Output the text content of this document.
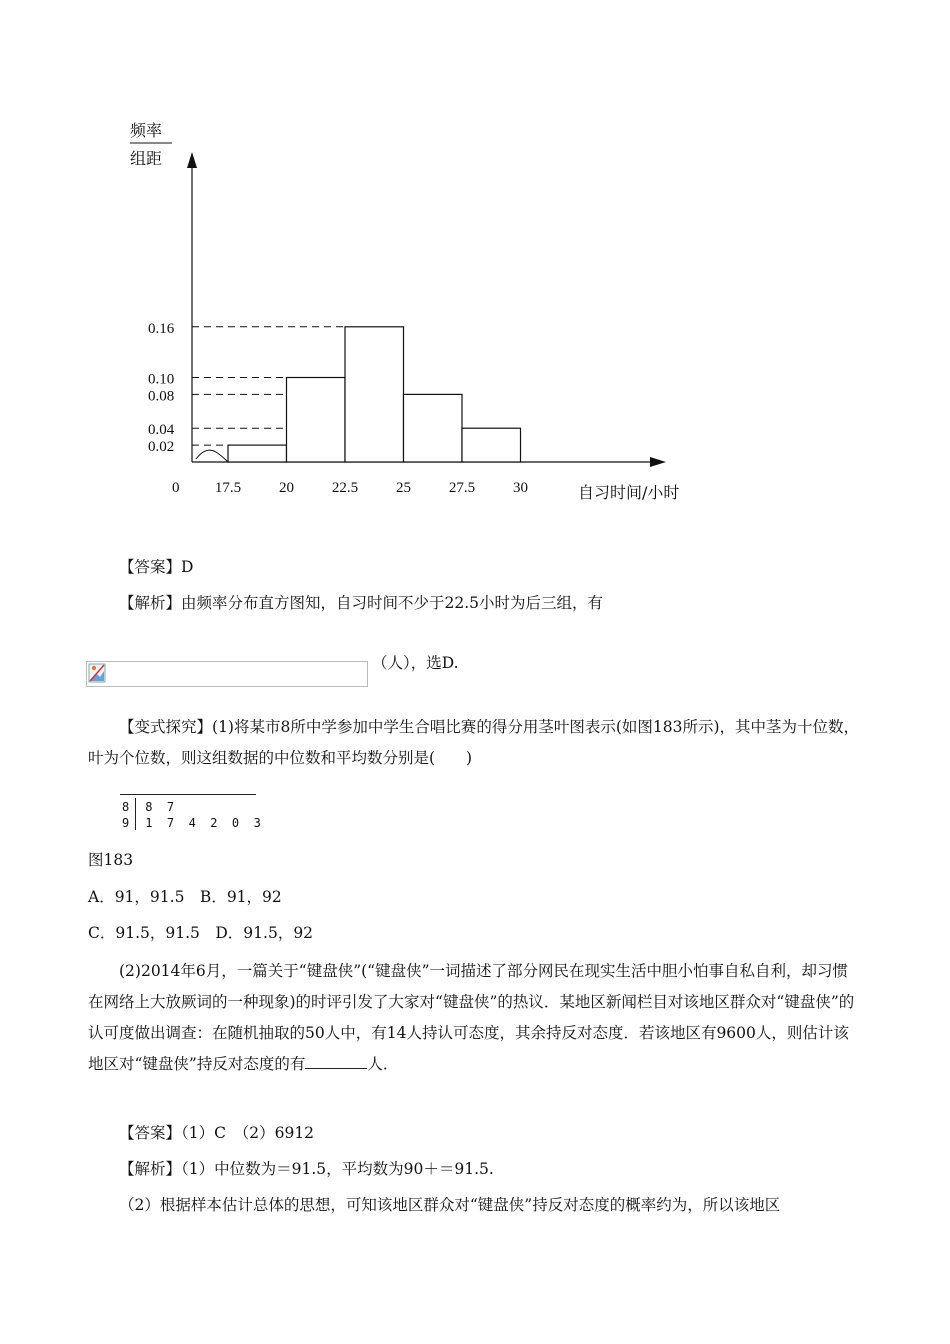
频率
组距
0.16
0.10
0.08
0.04
0.02
0 17.5	20	22.5	25	27.5	30	自习时间/小时
【答案】D
【解析】由频率分布直方图知，自习时间不少于22.5小时为后三组，有
（人），选D.
【变式探究】(1)将某市8所中学参加中学生合唱比赛的得分用茎叶图表示(如图183所示)，其中茎为十位数，叶为个位数，则这组数据的中位数和平均数分别是(　　)
8 8  7
9 1  7  4  2  0  3
图183
A．91，91.5　B．91，92
C．91.5，91.5　D．91.5，92
(2)2014年6月，一篇关于“键盘侠”(“键盘侠”一词描述了部分网民在现实生活中胆小怕事自私自利，却习惯在网络上大放厥词的一种现象)的时评引发了大家对“键盘侠”的热议．某地区新闻栏目对该地区群众对“键盘侠”的认可度做出调查：在随机抽取的50人中，有14人持认可态度，其余持反对态度．若该地区有9600人，则估计该地区对“键盘侠”持反对态度的有	人．
【答案】（1）C　（2）6912
【解析】（1）中位数为＝91.5，平均数为90＋＝91.5.
（2）根据样本估计总体的思想，可知该地区群众对“键盘侠”持反对态度的概率约为，所以该地区
